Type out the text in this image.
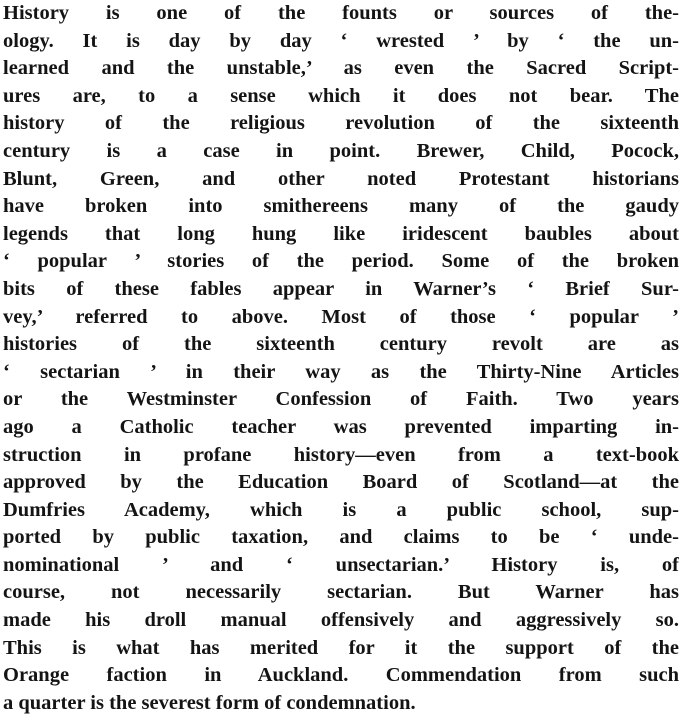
History is one of the founts or sources of the-
ology. It is day by day ‘ wrested ’ by ‘ the un-
learned and the unstable,’ as even the Sacred Script-
ures are, to a sense which it does not bear. The
history of the religious revolution of the sixteenth
century is a case in point. Brewer, Child, Pocock,
Blunt, Green, and other noted Protestant historians
have broken into smithereens many of the gaudy
legends that long hung like iridescent baubles about
‘ popular ’ stories of the period. Some of the broken
bits of these fables appear in Warner’s ‘ Brief Sur-
vey,’ referred to above. Most of those ‘ popular ’
histories of the sixteenth century revolt are as
‘ sectarian ’ in their way as the Thirty-Nine Articles
or the Westminster Confession of Faith. Two years
ago a Catholic teacher was prevented imparting in-
struction in profane history—even from a text-book
approved by the Education Board of Scotland—at the
Dumfries Academy, which is a public school, sup-
ported by public taxation, and claims to be ‘ unde-
nominational ’ and ‘ unsectarian.’ History is, of
course, not necessarily sectarian. But Warner has
made his droll manual offensively and aggressively so.
This is what has merited for it the support of the
Orange faction in Auckland. Commendation from such
a quarter is the severest form of condemnation.
